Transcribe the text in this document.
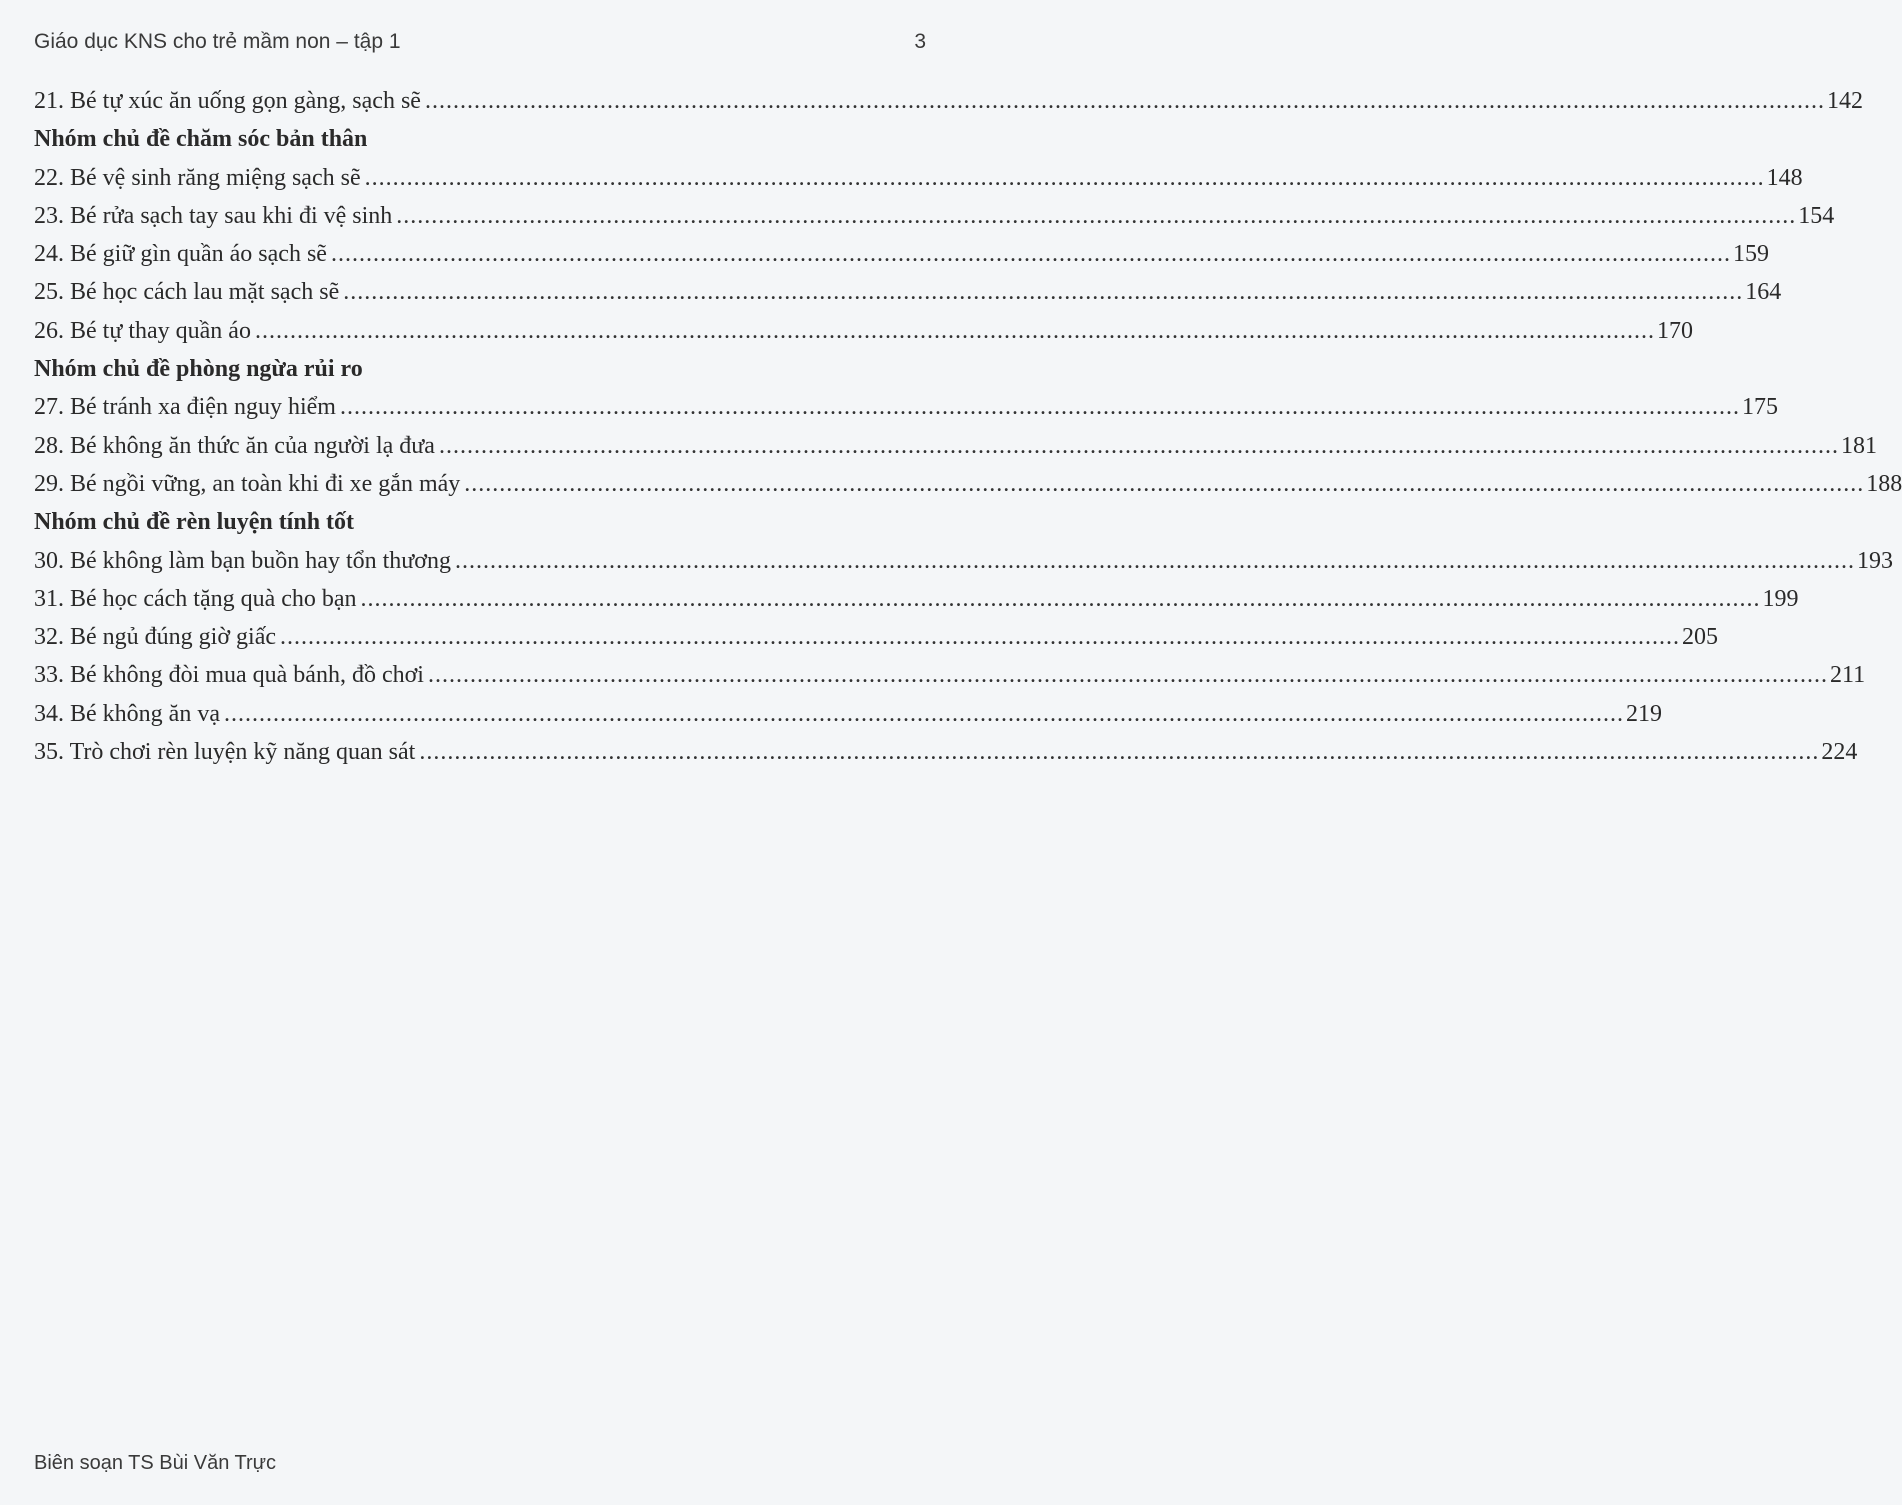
Giáo dục KNS cho trẻ mầm non – tập 1	3
21. Bé tự xúc ăn uống gọn gàng, sạch sẽ ........................................................................................................................................................................................................ 142
Nhóm chủ đề chăm sóc bản thân
22. Bé vệ sinh răng miệng sạch sẽ ........................................................................................................................................................................................................ 148
23. Bé rửa sạch tay sau khi đi vệ sinh ........................................................................................................................................................................................................ 154
24. Bé giữ gìn quần áo sạch sẽ ........................................................................................................................................................................................................ 159
25. Bé học cách lau mặt sạch sẽ ........................................................................................................................................................................................................ 164
26. Bé tự thay quần áo ........................................................................................................................................................................................................ 170
Nhóm chủ đề phòng ngừa rủi ro
27. Bé tránh xa điện nguy hiểm ........................................................................................................................................................................................................ 175
28. Bé không ăn thức ăn của người lạ đưa ........................................................................................................................................................................................................ 181
29. Bé ngồi vững, an toàn khi đi xe gắn máy ........................................................................................................................................................................................................ 188
Nhóm chủ đề rèn luyện tính tốt
30. Bé không làm bạn buồn hay tổn thương ........................................................................................................................................................................................................ 193
31. Bé học cách tặng quà cho bạn ........................................................................................................................................................................................................ 199
32. Bé ngủ đúng giờ giấc ........................................................................................................................................................................................................ 205
33. Bé không đòi mua quà bánh, đồ chơi ........................................................................................................................................................................................................ 211
34. Bé không ăn vạ ........................................................................................................................................................................................................ 219
35. Trò chơi rèn luyện kỹ năng quan sát ........................................................................................................................................................................................................ 224
Biên soạn TS Bùi Văn Trực
